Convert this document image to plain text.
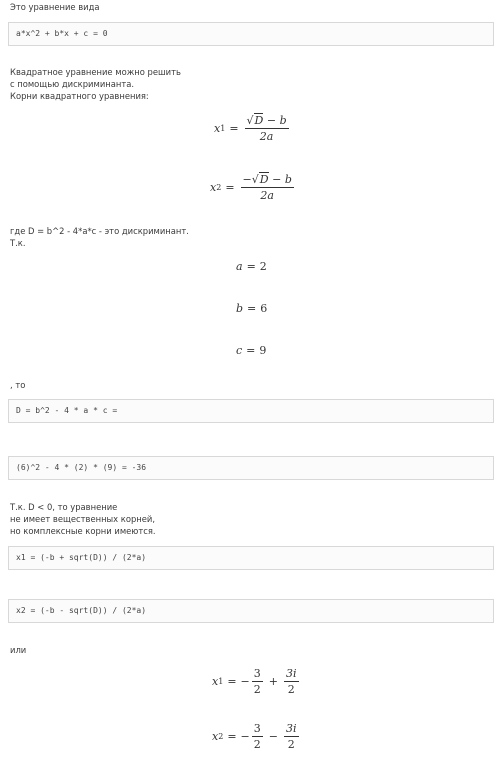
Это уравнение вида
a*x^2 + b*x + c = 0
Квадратное уравнение можно решить
с помощью дискриминанта.
Корни квадратного уравнения:
x $1 = \frac{√D - b}{2a}$
x $2 = \frac{-√D - b}{2a}$
где D = b^2 - 4*a*c - это дискриминант.
Т.к.
a = 2
b = 6
c = 9
, то
D = b^2 - 4 * a * c =
(6)^2 - 4 * (2) * (9) = -36
Т.к. D < 0, то уравнение
не имеет вещественных корней,
но комплексные корни имеются.
x1 = (-b + sqrt(D)) / (2*a)
x2 = (-b - sqrt(D)) / (2*a)
или
x 1 = − $\frac{3}{2} + \frac{3i}{2}$
x 2 = − $\frac{3}{2} - \frac{3i}{2}$
